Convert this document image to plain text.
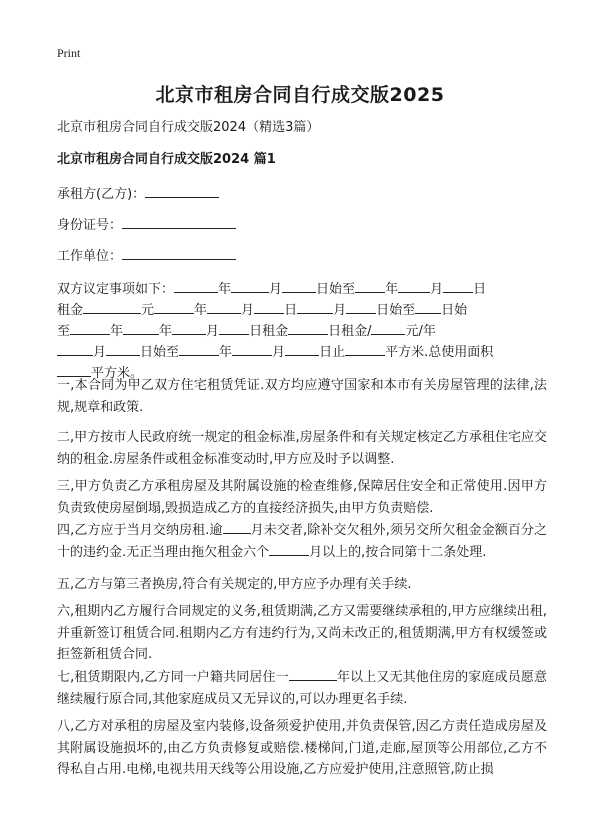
Print
北京市租房合同自行成交版2025
北京市租房合同自行成交版2024（精选3篇）
北京市租房合同自行成交版2024 篇1
承租方(乙方)：
身份证号：
工作单位：
双方议定事项如下：	年	月	日始至 年 月 日
租金	元	年	月 日	月 日始至 日始
至	年	年	月 日租金	日租金/	元/年
月	日始至	年	月	日止	平方米.总使用面积
平方米。
一,本合同为甲乙双方住宅租赁凭证.双方均应遵守国家和本市有关房屋管理的法律,法规,规章和政策.
二,甲方按市人民政府统一规定的租金标准,房屋条件和有关规定核定乙方承租住宅应交纳的租金.房屋条件或租金标准变动时,甲方应及时予以调整.
三,甲方负责乙方承租房屋及其附属设施的检查维修,保障居住安全和正常使用.因甲方负责致使房屋倒塌,毁损造成乙方的直接经济损失,由甲方负责赔偿.
四,乙方应于当月交纳房租.逾 月未交者,除补交欠租外,须另交所欠租金金额百分之十的违约金.无正当理由拖欠租金六个	月以上的,按合同第十二条处理.
五,乙方与第三者换房,符合有关规定的,甲方应予办理有关手续.
六,租期内乙方履行合同规定的义务,租赁期满,乙方又需要继续承租的,甲方应继续出租,并重新签订租赁合同.租期内乙方有违约行为,又尚未改正的,租赁期满,甲方有权缓签或拒签新租赁合同.
七,租赁期限内,乙方同一户籍共同居住一	年以上又无其他住房的家庭成员愿意继续履行原合同,其他家庭成员又无异议的,可以办理更名手续.
八,乙方对承租的房屋及室内装修,设备须爱护使用,并负责保管,因乙方责任造成房屋及其附属设施损坏的,由乙方负责修复或赔偿.楼梯间,门道,走廊,屋顶等公用部位,乙方不得私自占用.电梯,电视共用天线等公用设施,乙方应爱护使用,注意照管,防止损
